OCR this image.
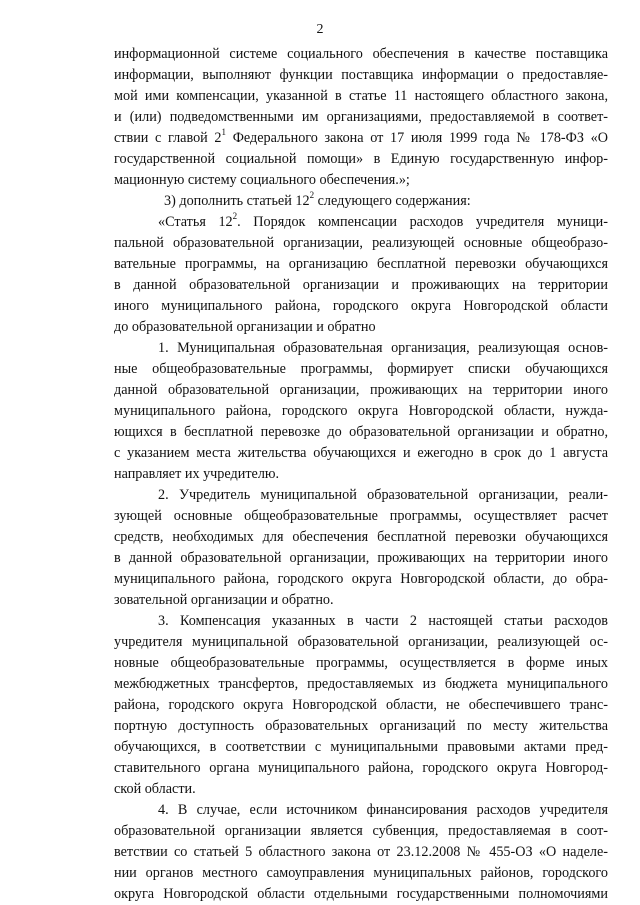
2
информационной системе социального обеспечения в качестве поставщика
информации, выполняют функции поставщика информации о предоставляе-
мой ими компенсации, указанной в статье 11 настоящего областного закона,
и (или) подведомственными им организациями, предоставляемой в соответ-
ствии с главой $2^1$ Федерального закона от 17 июля 1999 года № 178-ФЗ «О
государственной социальной помощи» в Единую государственную инфор-
мационную систему социального обеспечения.»;
3) дополнить статьей $12^2$ следующего содержания:
«Статья $12^2$. Порядок компенсации расходов учредителя муници-
пальной образовательной организации, реализующей основные общеобразо-
вательные программы, на организацию бесплатной перевозки обучающихся
в данной образовательной организации и проживающих на территории
иного муниципального района, городского округа Новгородской области
до образовательной организации и обратно
1. Муниципальная образовательная организация, реализующая основ-
ные общеобразовательные программы, формирует списки обучающихся
данной образовательной организации, проживающих на территории иного
муниципального района, городского округа Новгородской области, нужда-
ющихся в бесплатной перевозке до образовательной организации и обратно,
с указанием места жительства обучающихся и ежегодно в срок до 1 августа
направляет их учредителю.
2. Учредитель муниципальной образовательной организации, реали-
зующей основные общеобразовательные программы, осуществляет расчет
средств, необходимых для обеспечения бесплатной перевозки обучающихся
в данной образовательной организации, проживающих на территории иного
муниципального района, городского округа Новгородской области, до обра-
зовательной организации и обратно.
3. Компенсация указанных в части 2 настоящей статьи расходов
учредителя муниципальной образовательной организации, реализующей ос-
новные общеобразовательные программы, осуществляется в форме иных
межбюджетных трансфертов, предоставляемых из бюджета муниципального
района, городского округа Новгородской области, не обеспечившего транс-
портную доступность образовательных организаций по месту жительства
обучающихся, в соответствии с муниципальными правовыми актами пред-
ставительного органа муниципального района, городского округа Новгород-
ской области.
4. В случае, если источником финансирования расходов учредителя
образовательной организации является субвенция, предоставляемая в соот-
ветствии со статьей 5 областного закона от 23.12.2008 № 455-ОЗ «О наделе-
нии органов местного самоуправления муниципальных районов, городского
округа Новгородской области отдельными государственными полномочиями
